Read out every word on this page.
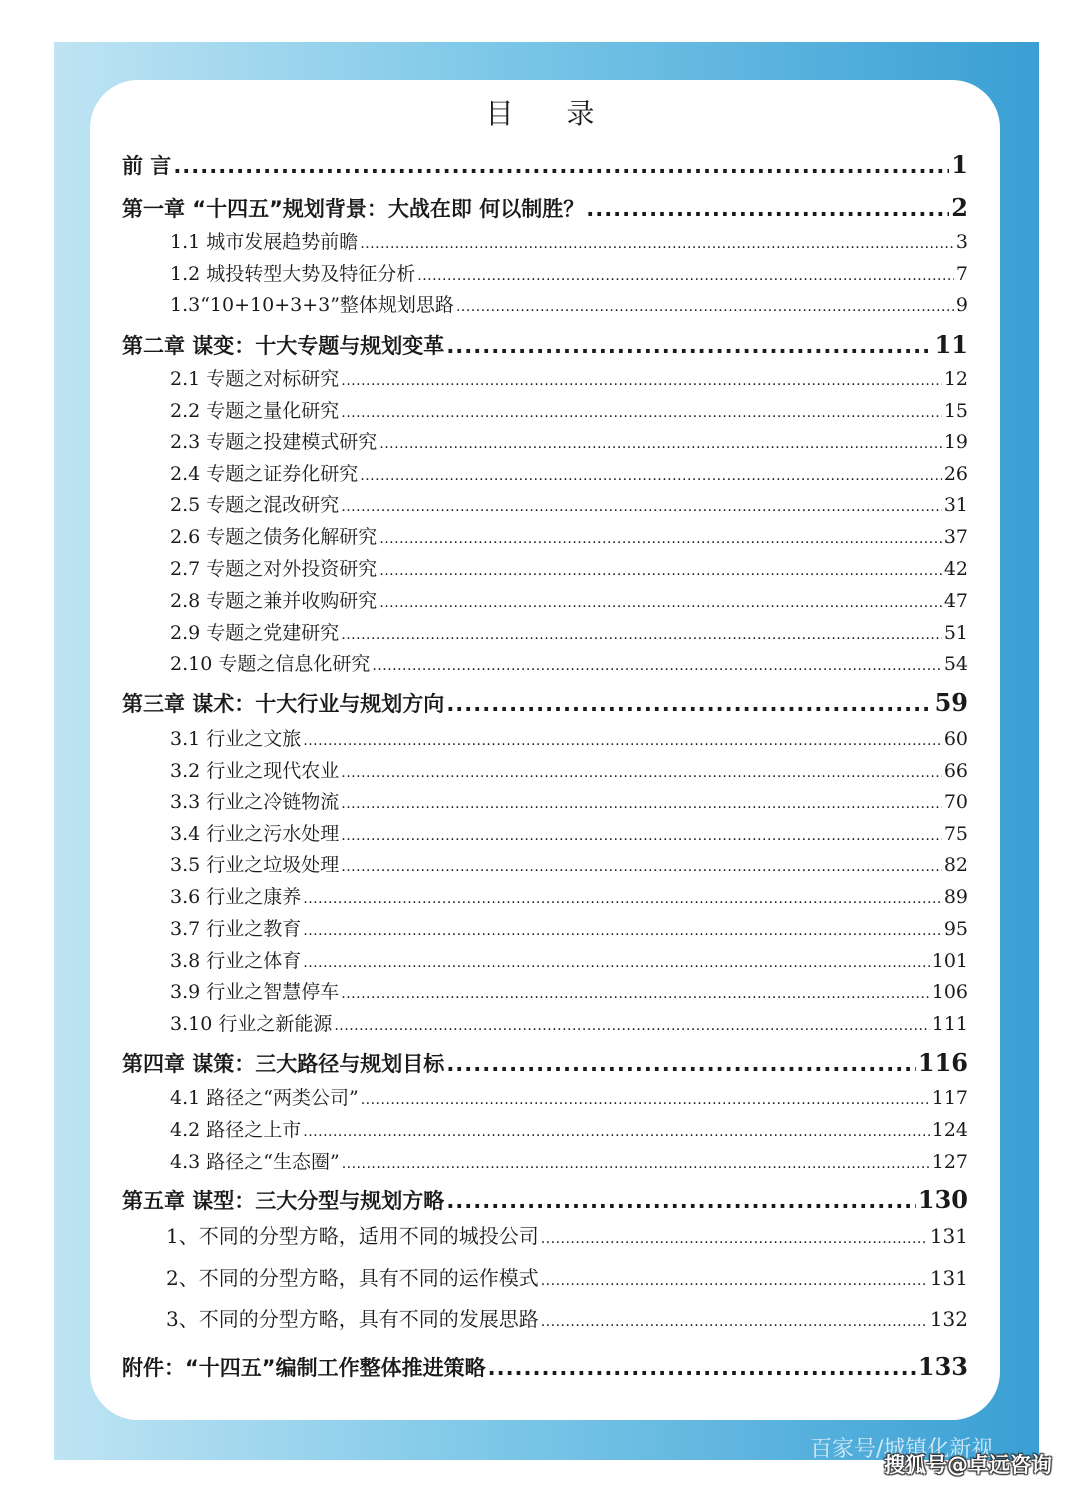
目 录
前 言 .....	1
第一章 “十四五”规划背景：大战在即 何以制胜？ .....	2
1.1 城市发展趋势前瞻 .....	3
1.2 城投转型大势及特征分析 .....	7
1.3“10+10+3+3”整体规划思路 .....	9
第二章 谋变：十大专题与规划变革 .....	11
2.1 专题之对标研究 .....	12
2.2 专题之量化研究 .....	15
2.3 专题之投建模式研究 .....	19
2.4 专题之证券化研究 .....	26
2.5 专题之混改研究 .....	31
2.6 专题之债务化解研究 .....	37
2.7 专题之对外投资研究 .....	42
2.8 专题之兼并收购研究 .....	47
2.9 专题之党建研究 .....	51
2.10 专题之信息化研究 .....	54
第三章 谋术：十大行业与规划方向 .....	59
3.1 行业之文旅 .....	60
3.2 行业之现代农业 .....	66
3.3 行业之冷链物流 .....	70
3.4 行业之污水处理 .....	75
3.5 行业之垃圾处理 .....	82
3.6 行业之康养 .....	89
3.7 行业之教育 .....	95
3.8 行业之体育 .....	101
3.9 行业之智慧停车 .....	106
3.10 行业之新能源 .....	111
第四章 谋策：三大路径与规划目标 .....	116
4.1 路径之“两类公司” .....	117
4.2 路径之上市 .....	124
4.3 路径之“生态圈” .....	127
第五章 谋型：三大分型与规划方略 .....	130
1、不同的分型方略，适用不同的城投公司 .....	131
2、不同的分型方略，具有不同的运作模式 .....	131
3、不同的分型方略，具有不同的发展思路 .....	132
附件：“十四五”编制工作整体推进策略 .....	133
百家号/城镇化新视
搜狐号@卓远咨询
